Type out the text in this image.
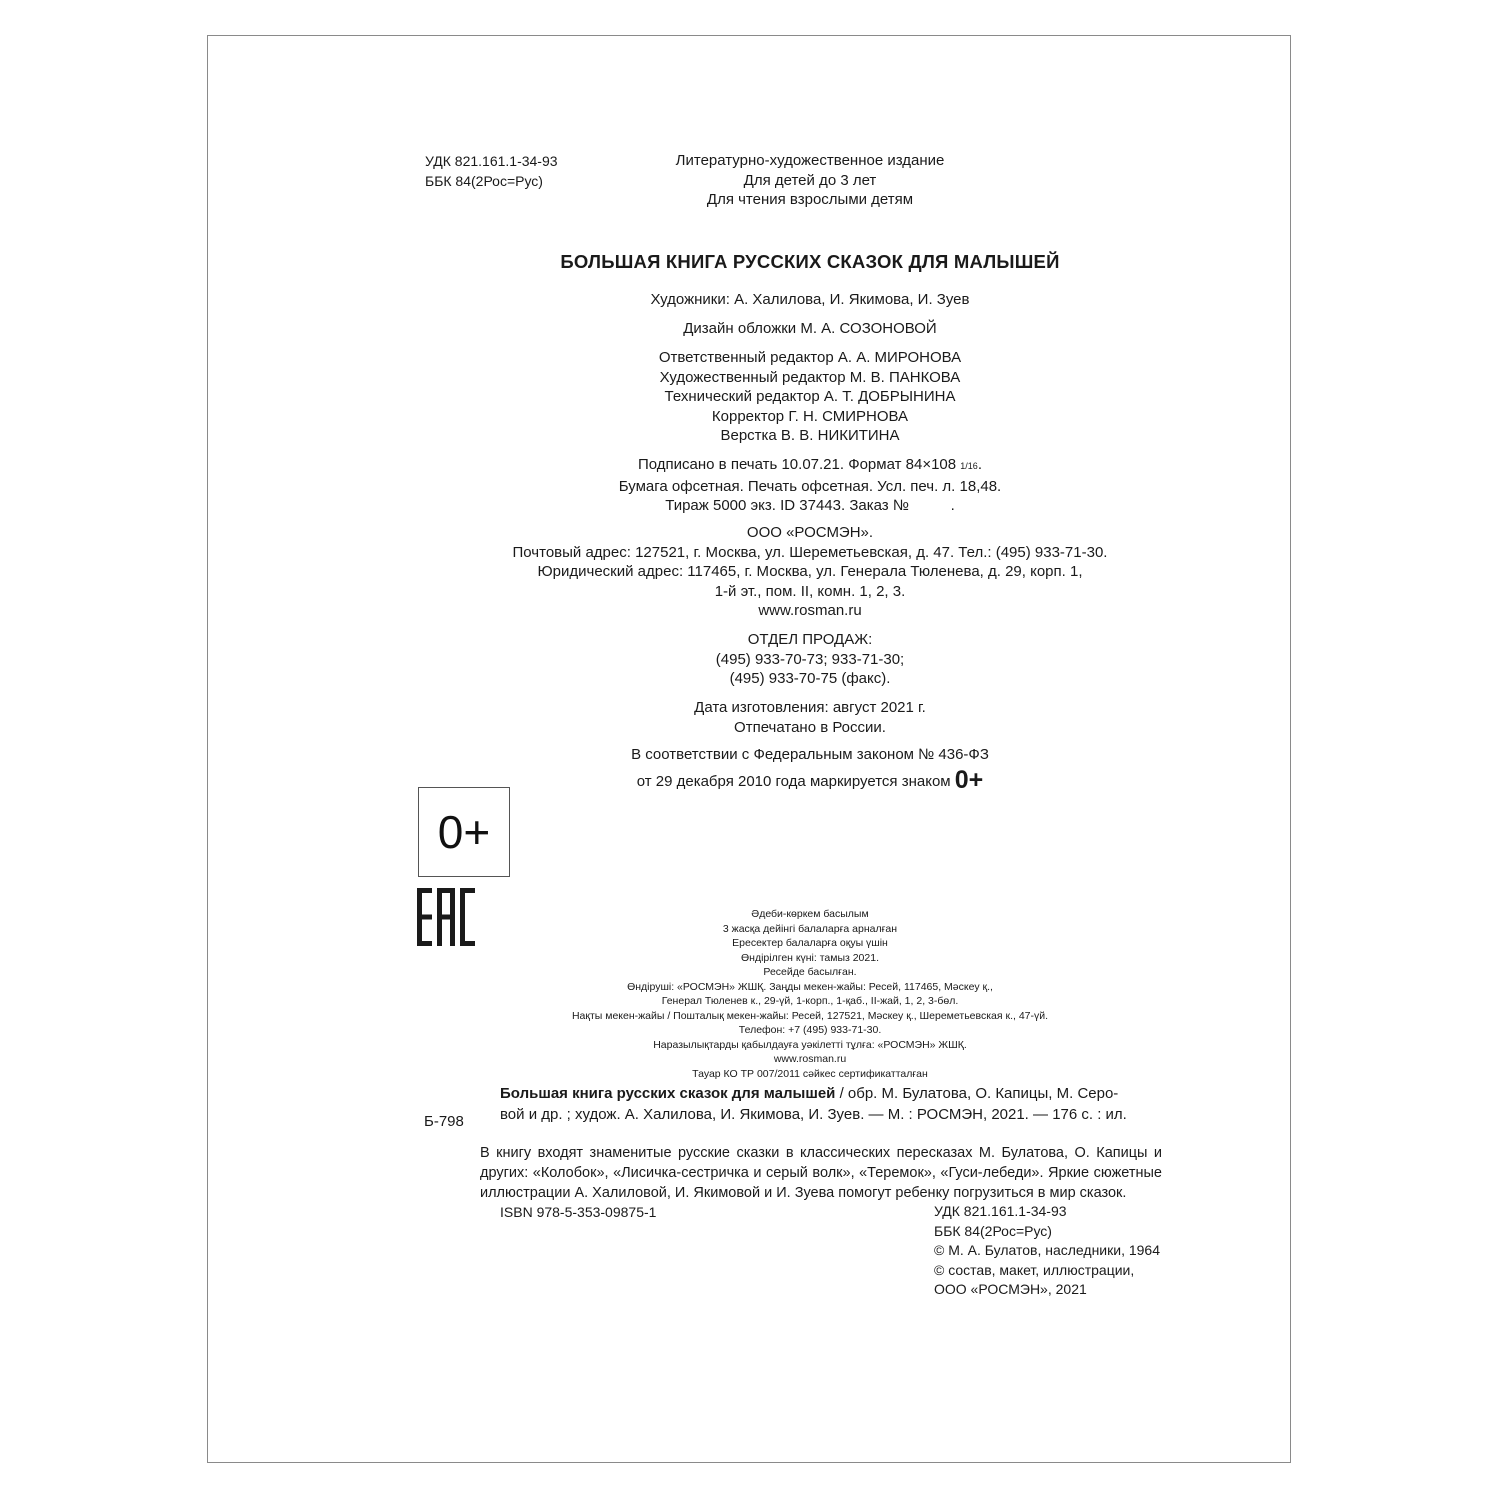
УДК 821.161.1-34-93
ББК 84(2Рос=Рус)
Литературно-художественное издание
Для детей до 3 лет
Для чтения взрослыми детям
БОЛЬШАЯ КНИГА РУССКИХ СКАЗОК ДЛЯ МАЛЫШЕЙ
Художники: А. Халилова, И. Якимова, И. Зуев
Дизайн обложки М. А. СОЗОНОВОЙ
Ответственный редактор А. А. МИРОНОВА
Художественный редактор М. В. ПАНКОВА
Технический редактор А. Т. ДОБРЫНИНА
Корректор Г. Н. СМИРНОВА
Верстка В. В. НИКИТИНА
Подписано в печать 10.07.21. Формат 84×108 1/16.
Бумага офсетная. Печать офсетная. Усл. печ. л. 18,48.
Тираж 5000 экз. ID 37443. Заказ №          .
ООО «РОСМЭН».
Почтовый адрес: 127521, г. Москва, ул. Шереметьевская, д. 47. Тел.: (495) 933-71-30.
Юридический адрес: 117465, г. Москва, ул. Генерала Тюленева, д. 29, корп. 1,
1-й эт., пом. II, комн. 1, 2, 3.
www.rosman.ru
ОТДЕЛ ПРОДАЖ:
(495) 933-70-73; 933-71-30;
(495) 933-70-75 (факс).
Дата изготовления: август 2021 г.
Отпечатано в России.
В соответствии с Федеральным законом № 436-ФЗ
от 29 декабря 2010 года маркируется знаком 0+
0+
Әдеби-көркем басылым
3 жасқа дейінгі балаларға арналған
Ересектер балаларға оқуы үшін
Өндірілген күні: тамыз 2021.
Ресейде басылған.
Өндіруші: «РОСМЭН» ЖШҚ. Заңды мекен-жайы: Ресей, 117465, Мәскеу қ.,
Генерал Тюленев к., 29-үй, 1-корп., 1-қаб., ІІ-жай, 1, 2, 3-бөл.
Нақты мекен-жайы / Пошталық мекен-жайы: Ресей, 127521, Мәскеу қ., Шереметьевская к., 47-үй.
Телефон: +7 (495) 933-71-30.
Наразылықтарды қабылдауға уәкілетті тұлға: «РОСМЭН» ЖШҚ.
www.rosman.ru
Тауар КО ТР 007/2011 сәйкес сертификатталған
Б-798
Большая книга русских сказок для малышей / обр. М. Булатова, О. Капицы, М. Серо-
вой и др. ; худож. А. Халилова, И. Якимова, И. Зуев. — М. : РОСМЭН, 2021. — 176 с. : ил.
В книгу входят знаменитые русские сказки в классических пересказах М. Булатова, О. Капицы и других: «Колобок», «Лисичка-сестричка и серый волк», «Теремок», «Гуси-лебеди». Яркие сюжетные иллюстрации А. Халиловой, И. Якимовой и И. Зуева помогут ребенку погрузиться в мир сказок.
ISBN 978-5-353-09875-1	УДК 821.161.1-34-93
ББК 84(2Рос=Рус)
© М. А. Булатов, наследники, 1964
© состав, макет, иллюстрации,
ООО «РОСМЭН», 2021
